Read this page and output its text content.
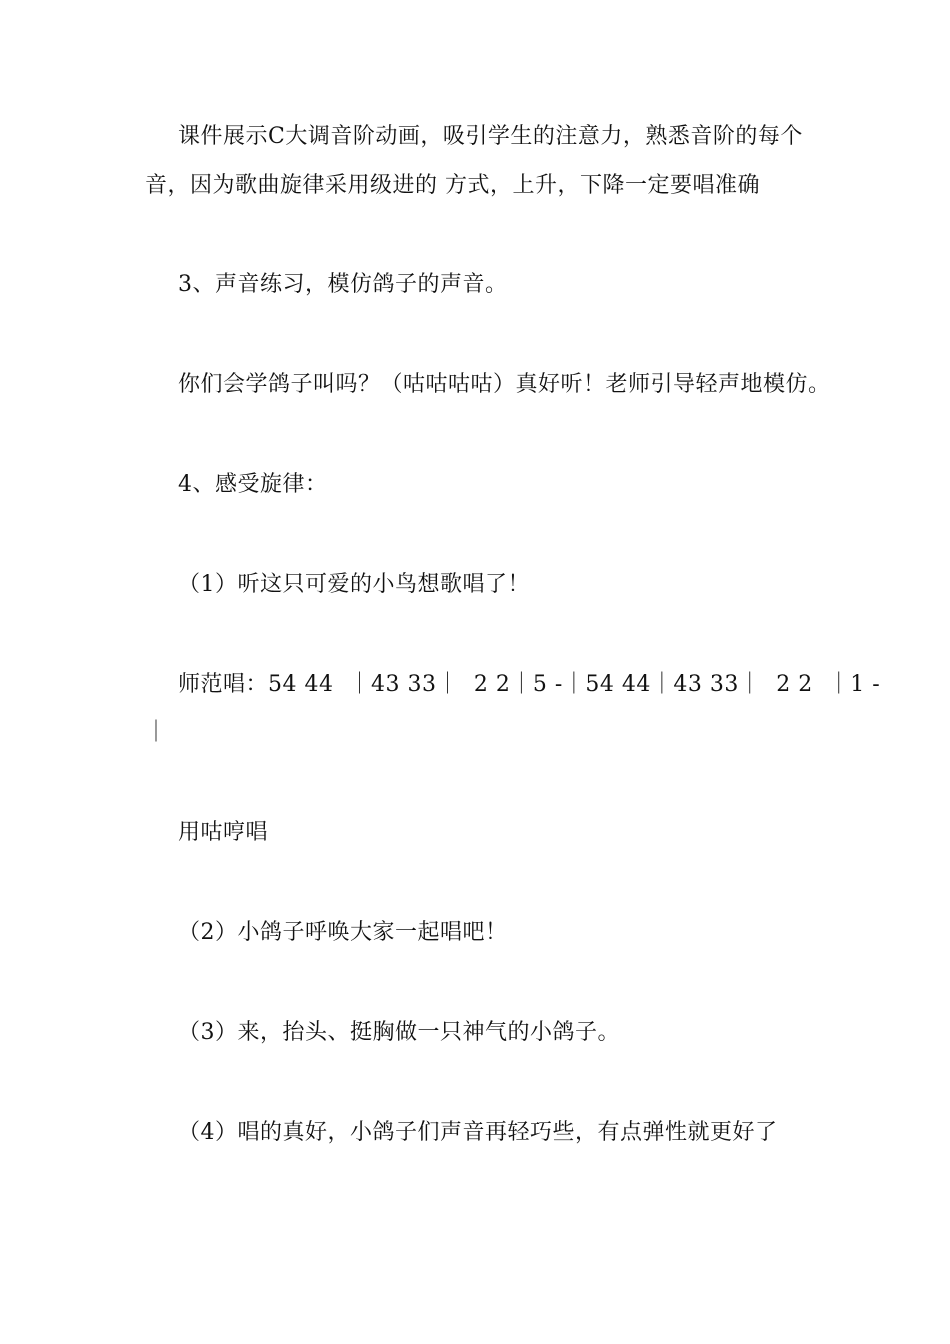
课件展示C大调音阶动画，吸引学生的注意力，熟悉音阶的每个
音，因为歌曲旋律采用级进的 方式，上升，下降一定要唱准确
3、声音练习，模仿鸽子的声音。
你们会学鸽子叫吗？（咕咕咕咕）真好听！老师引导轻声地模仿。
4、感受旋律：
（1）听这只可爱的小鸟想歌唱了！
师范唱：54 44  ｜43 33｜  2 2｜5 -｜54 44｜43 33｜  2 2  ｜1 -
｜
用咕哼唱
（2）小鸽子呼唤大家一起唱吧！
（3）来，抬头、挺胸做一只神气的小鸽子。
（4）唱的真好，小鸽子们声音再轻巧些，有点弹性就更好了
